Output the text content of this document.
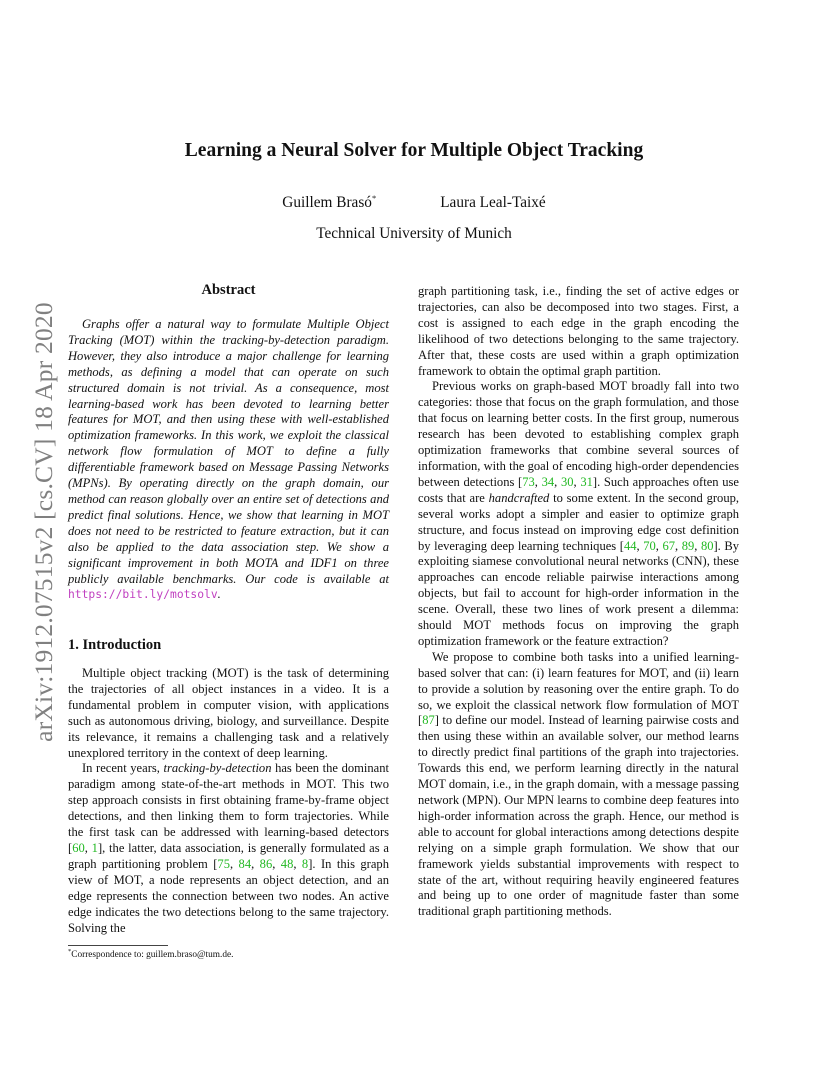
arXiv:1912.07515v2 [cs.CV] 18 Apr 2020
Learning a Neural Solver for Multiple Object Tracking
Guillem Brasó*	Laura Leal-Taixé
Technical University of Munich
Abstract

Graphs offer a natural way to formulate Multiple Object Tracking (MOT) within the tracking-by-detection paradigm. However, they also introduce a major challenge for learning methods, as defining a model that can operate on such structured domain is not trivial. As a consequence, most learning-based work has been devoted to learning better features for MOT, and then using these with well-established optimization frameworks. In this work, we exploit the classical network flow formulation of MOT to define a fully differentiable framework based on Message Passing Networks (MPNs). By operating directly on the graph domain, our method can reason globally over an entire set of detections and predict final solutions. Hence, we show that learning in MOT does not need to be restricted to feature extraction, but it can also be applied to the data association step. We show a significant improvement in both MOTA and IDF1 on three publicly available benchmarks. Our code is available at https://bit.ly/motsolv.

1. Introduction

Multiple object tracking (MOT) is the task of determining the trajectories of all object instances in a video. It is a fundamental problem in computer vision, with applications such as autonomous driving, biology, and surveillance. Despite its relevance, it remains a challenging task and a relatively unexplored territory in the context of deep learning.

In recent years, tracking-by-detection has been the dominant paradigm among state-of-the-art methods in MOT. This two step approach consists in first obtaining frame-by-frame object detections, and then linking them to form trajectories. While the first task can be addressed with learning-based detectors [60, 1], the latter, data association, is generally formulated as a graph partitioning problem [75, 84, 86, 48, 8]. In this graph view of MOT, a node represents an object detection, and an edge represents the connection between two nodes. An active edge indicates the two detections belong to the same trajectory. Solving the

graph partitioning task, i.e., finding the set of active edges or trajectories, can also be decomposed into two stages. First, a cost is assigned to each edge in the graph encoding the likelihood of two detections belonging to the same trajectory. After that, these costs are used within a graph optimization framework to obtain the optimal graph partition.

Previous works on graph-based MOT broadly fall into two categories: those that focus on the graph formulation, and those that focus on learning better costs. In the first group, numerous research has been devoted to establishing complex graph optimization frameworks that combine several sources of information, with the goal of encoding high-order dependencies between detections [73, 34, 30, 31]. Such approaches often use costs that are handcrafted to some extent. In the second group, several works adopt a simpler and easier to optimize graph structure, and focus instead on improving edge cost definition by leveraging deep learning techniques [44, 70, 67, 89, 80]. By exploiting siamese convolutional neural networks (CNN), these approaches can encode reliable pairwise interactions among objects, but fail to account for high-order information in the scene. Overall, these two lines of work present a dilemma: should MOT methods focus on improving the graph optimization framework or the feature extraction?

We propose to combine both tasks into a unified learning-based solver that can: (i) learn features for MOT, and (ii) learn to provide a solution by reasoning over the entire graph. To do so, we exploit the classical network flow formulation of MOT [87] to define our model. Instead of learning pairwise costs and then using these within an available solver, our method learns to directly predict final partitions of the graph into trajectories. Towards this end, we perform learning directly in the natural MOT domain, i.e., in the graph domain, with a message passing network (MPN). Our MPN learns to combine deep features into high-order information across the graph. Hence, our method is able to account for global interactions among detections despite relying on a simple graph formulation. We show that our framework yields substantial improvements with respect to state of the art, without requiring heavily engineered features and being up to one order of magnitude faster than some traditional graph partitioning methods.

*Correspondence to: guillem.braso@tum.de.
